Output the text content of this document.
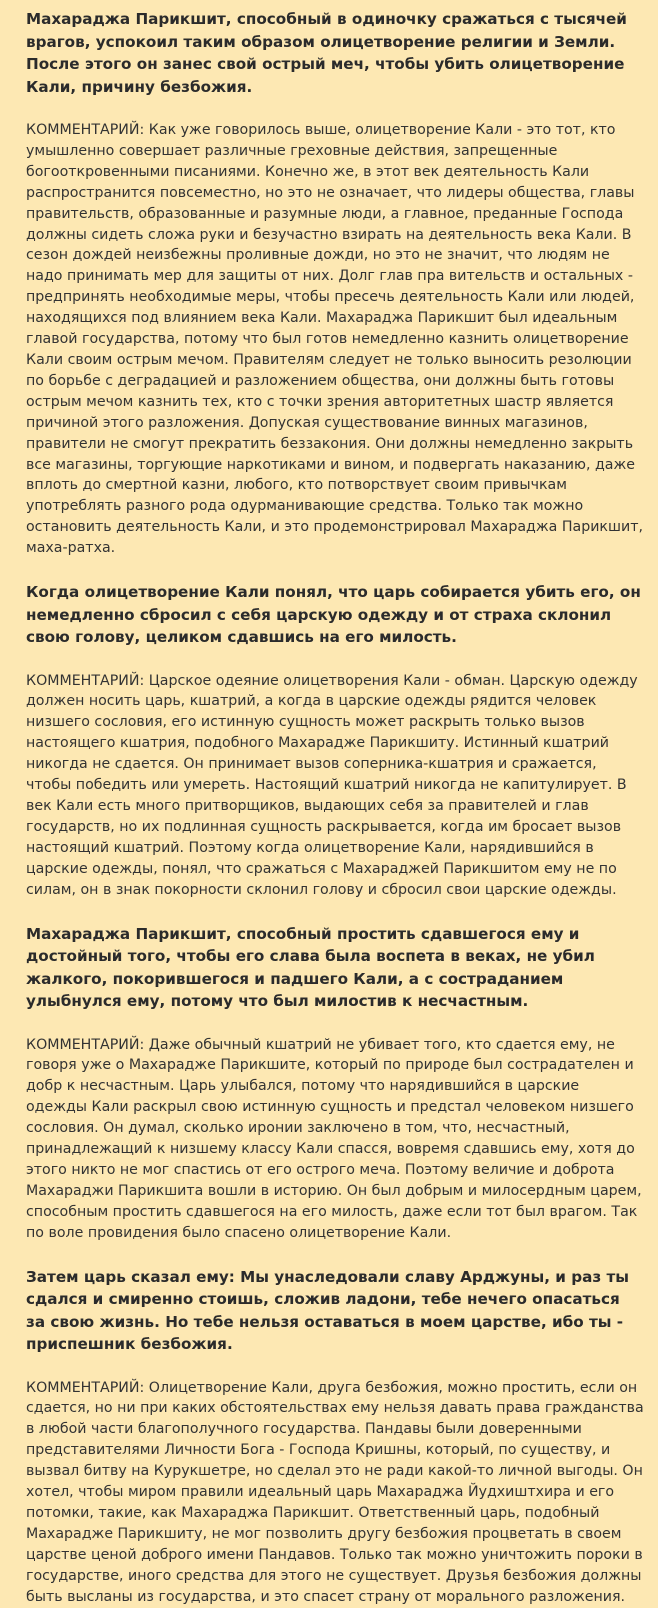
Махараджа Парикшит, способный в одиночку сражаться с тысячей врагов, успокоил таким образом олицетворение религии и Земли. После этого он занес свой острый меч, чтобы убить олицетворение Кали, причину безбожия.

КОММЕНТАРИЙ: Как уже говорилось выше, олицетворение Кали - это тот, кто умышленно совершает различные греховные действия, запрещенные богооткровенными писаниями. Конечно же, в этот век деятельность Кали распространится повсеместно, но это не означает, что лидеры общества, главы правительств, образованные и разумные люди, а главное, преданные Господа должны сидеть сложа руки и безучастно взирать на деятельность века Кали. В сезон дождей неизбежны проливные дожди, но это не значит, что людям не надо принимать мер для защиты от них. Долг глав пра вительств и остальных - предпринять необходимые меры, чтобы пресечь деятельность Кали или людей, находящихся под влиянием века Кали. Махараджа Парикшит был идеальным главой государства, потому что был готов немедленно казнить олицетворение Кали своим острым мечом. Правителям следует не только выносить резолюции по борьбе с деградацией и разложением общества, они должны быть готовы острым мечом казнить тех, кто с точки зрения авторитетных шастр является причиной этого разложения. Допуская существование винных магазинов, правители не смогут прекратить беззакония. Они должны немедленно закрыть все магазины, торгующие наркотиками и вином, и подвергать наказанию, даже вплоть до смертной казни, любого, кто потворствует своим привычкам употреблять разного рода одурманивающие средства. Только так можно остановить деятельность Кали, и это продемонстрировал Махараджа Парикшит, маха-ратха.

Когда олицетворение Кали понял, что царь собирается убить его, он немедленно сбросил с себя царскую одежду и от страха склонил свою голову, целиком сдавшись на его милость.

КОММЕНТАРИЙ: Царское одеяние олицетворения Кали - обман. Царскую одежду должен носить царь, кшатрий, а когда в царские одежды рядится человек низшего сословия, его истинную сущность может раскрыть только вызов настоящего кшатрия, подобного Махарадже Парикшиту. Истинный кшатрий никогда не сдается. Он принимает вызов соперника-кшатрия и сражается, чтобы победить или умереть. Настоящий кшатрий никогда не капитулирует. В век Кали есть много притворщиков, выдающих себя за правителей и глав государств, но их подлинная сущность раскрывается, когда им бросает вызов настоящий кшатрий. Поэтому когда олицетворение Кали, нарядившийся в царские одежды, понял, что сражаться с Махараджей Парикшитом ему не по силам, он в знак покорности склонил голову и сбросил свои царские одежды.

Махараджа Парикшит, способный простить сдавшегося ему и достойный того, чтобы его слава была воспета в веках, не убил жалкого, покорившегося и падшего Кали, а с состраданием улыбнулся ему, потому что был милостив к несчастным.

КОММЕНТАРИЙ: Даже обычный кшатрий не убивает того, кто сдается ему, не говоря уже о Махарадже Парикшите, который по природе был сострадателен и добр к несчастным. Царь улыбался, потому что нарядившийся в царские одежды Кали раскрыл свою истинную сущность и предстал человеком низшего сословия. Он думал, сколько иронии заключено в том, что, несчастный, принадлежащий к низшему классу Кали спасся, вовремя сдавшись ему, хотя до этого никто не мог спастись от его острого меча. Поэтому величие и доброта Махараджи Парикшита вошли в историю. Он был добрым и милосердным царем, способным простить сдавшегося на его милость, даже если тот был врагом. Так по воле провидения было спасено олицетворение Кали.

Затем царь сказал ему: Мы унаследовали славу Арджуны, и раз ты сдался и смиренно стоишь, сложив ладони, тебе нечего опасаться за свою жизнь. Но тебе нельзя оставаться в моем царстве, ибо ты - приспешник безбожия.

КОММЕНТАРИЙ: Олицетворение Кали, друга безбожия, можно простить, если он сдается, но ни при каких обстоятельствах ему нельзя давать права гражданства в любой части благополучного государства. Пандавы были доверенными представителями Личности Бога - Господа Кришны, который, по существу, и вызвал битву на Курукшетре, но сделал это не ради какой-то личной выгоды. Он хотел, чтобы миром правили идеальный царь Махараджа Йудхиштхира и его потомки, такие, как Махараджа Парикшит. Ответственный царь, подобный Махарадже Парикшиту, не мог позволить другу безбожия процветать в своем царстве ценой доброго имени Пандавов. Только так можно уничтожить пороки в государстве, иного средства для этого не существует. Друзья безбожия должны быть высланы из государства, и это спасет страну от морального разложения.
